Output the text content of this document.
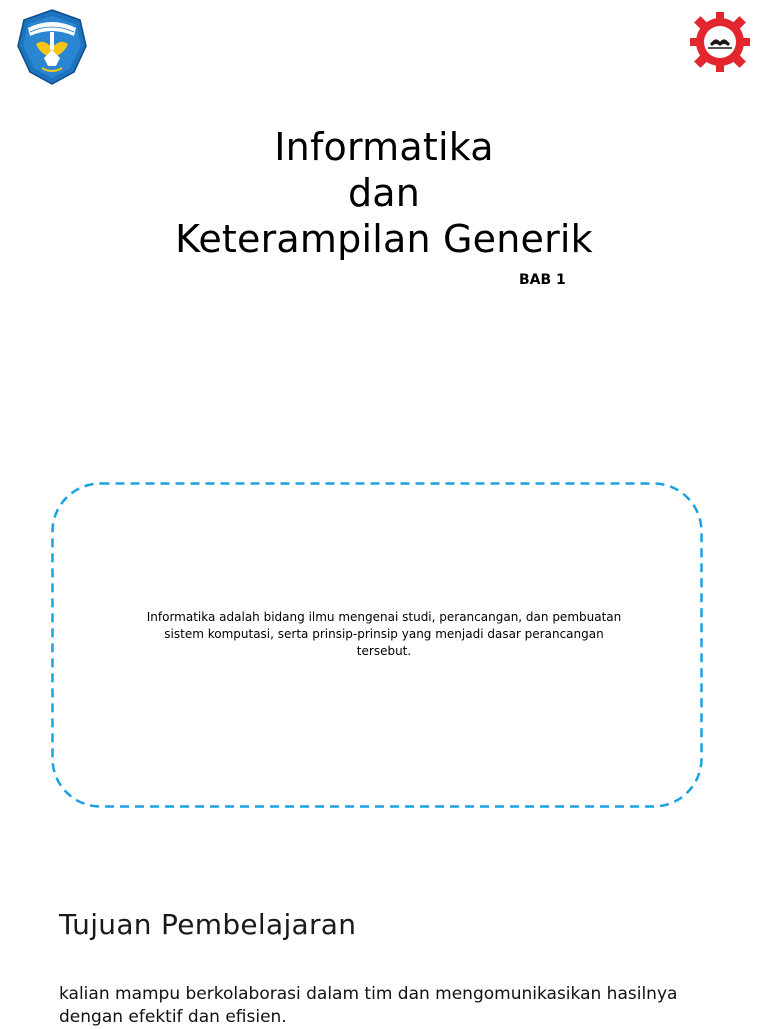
Informatika
dan
Keterampilan Generik
BAB 1
Informatika adalah bidang ilmu mengenai studi, perancangan, dan pembuatan sistem komputasi, serta prinsip-prinsip yang menjadi dasar perancangan tersebut.
Tujuan Pembelajaran
kalian mampu berkolaborasi dalam tim dan mengomunikasikan hasilnya dengan efektif dan efisien.
